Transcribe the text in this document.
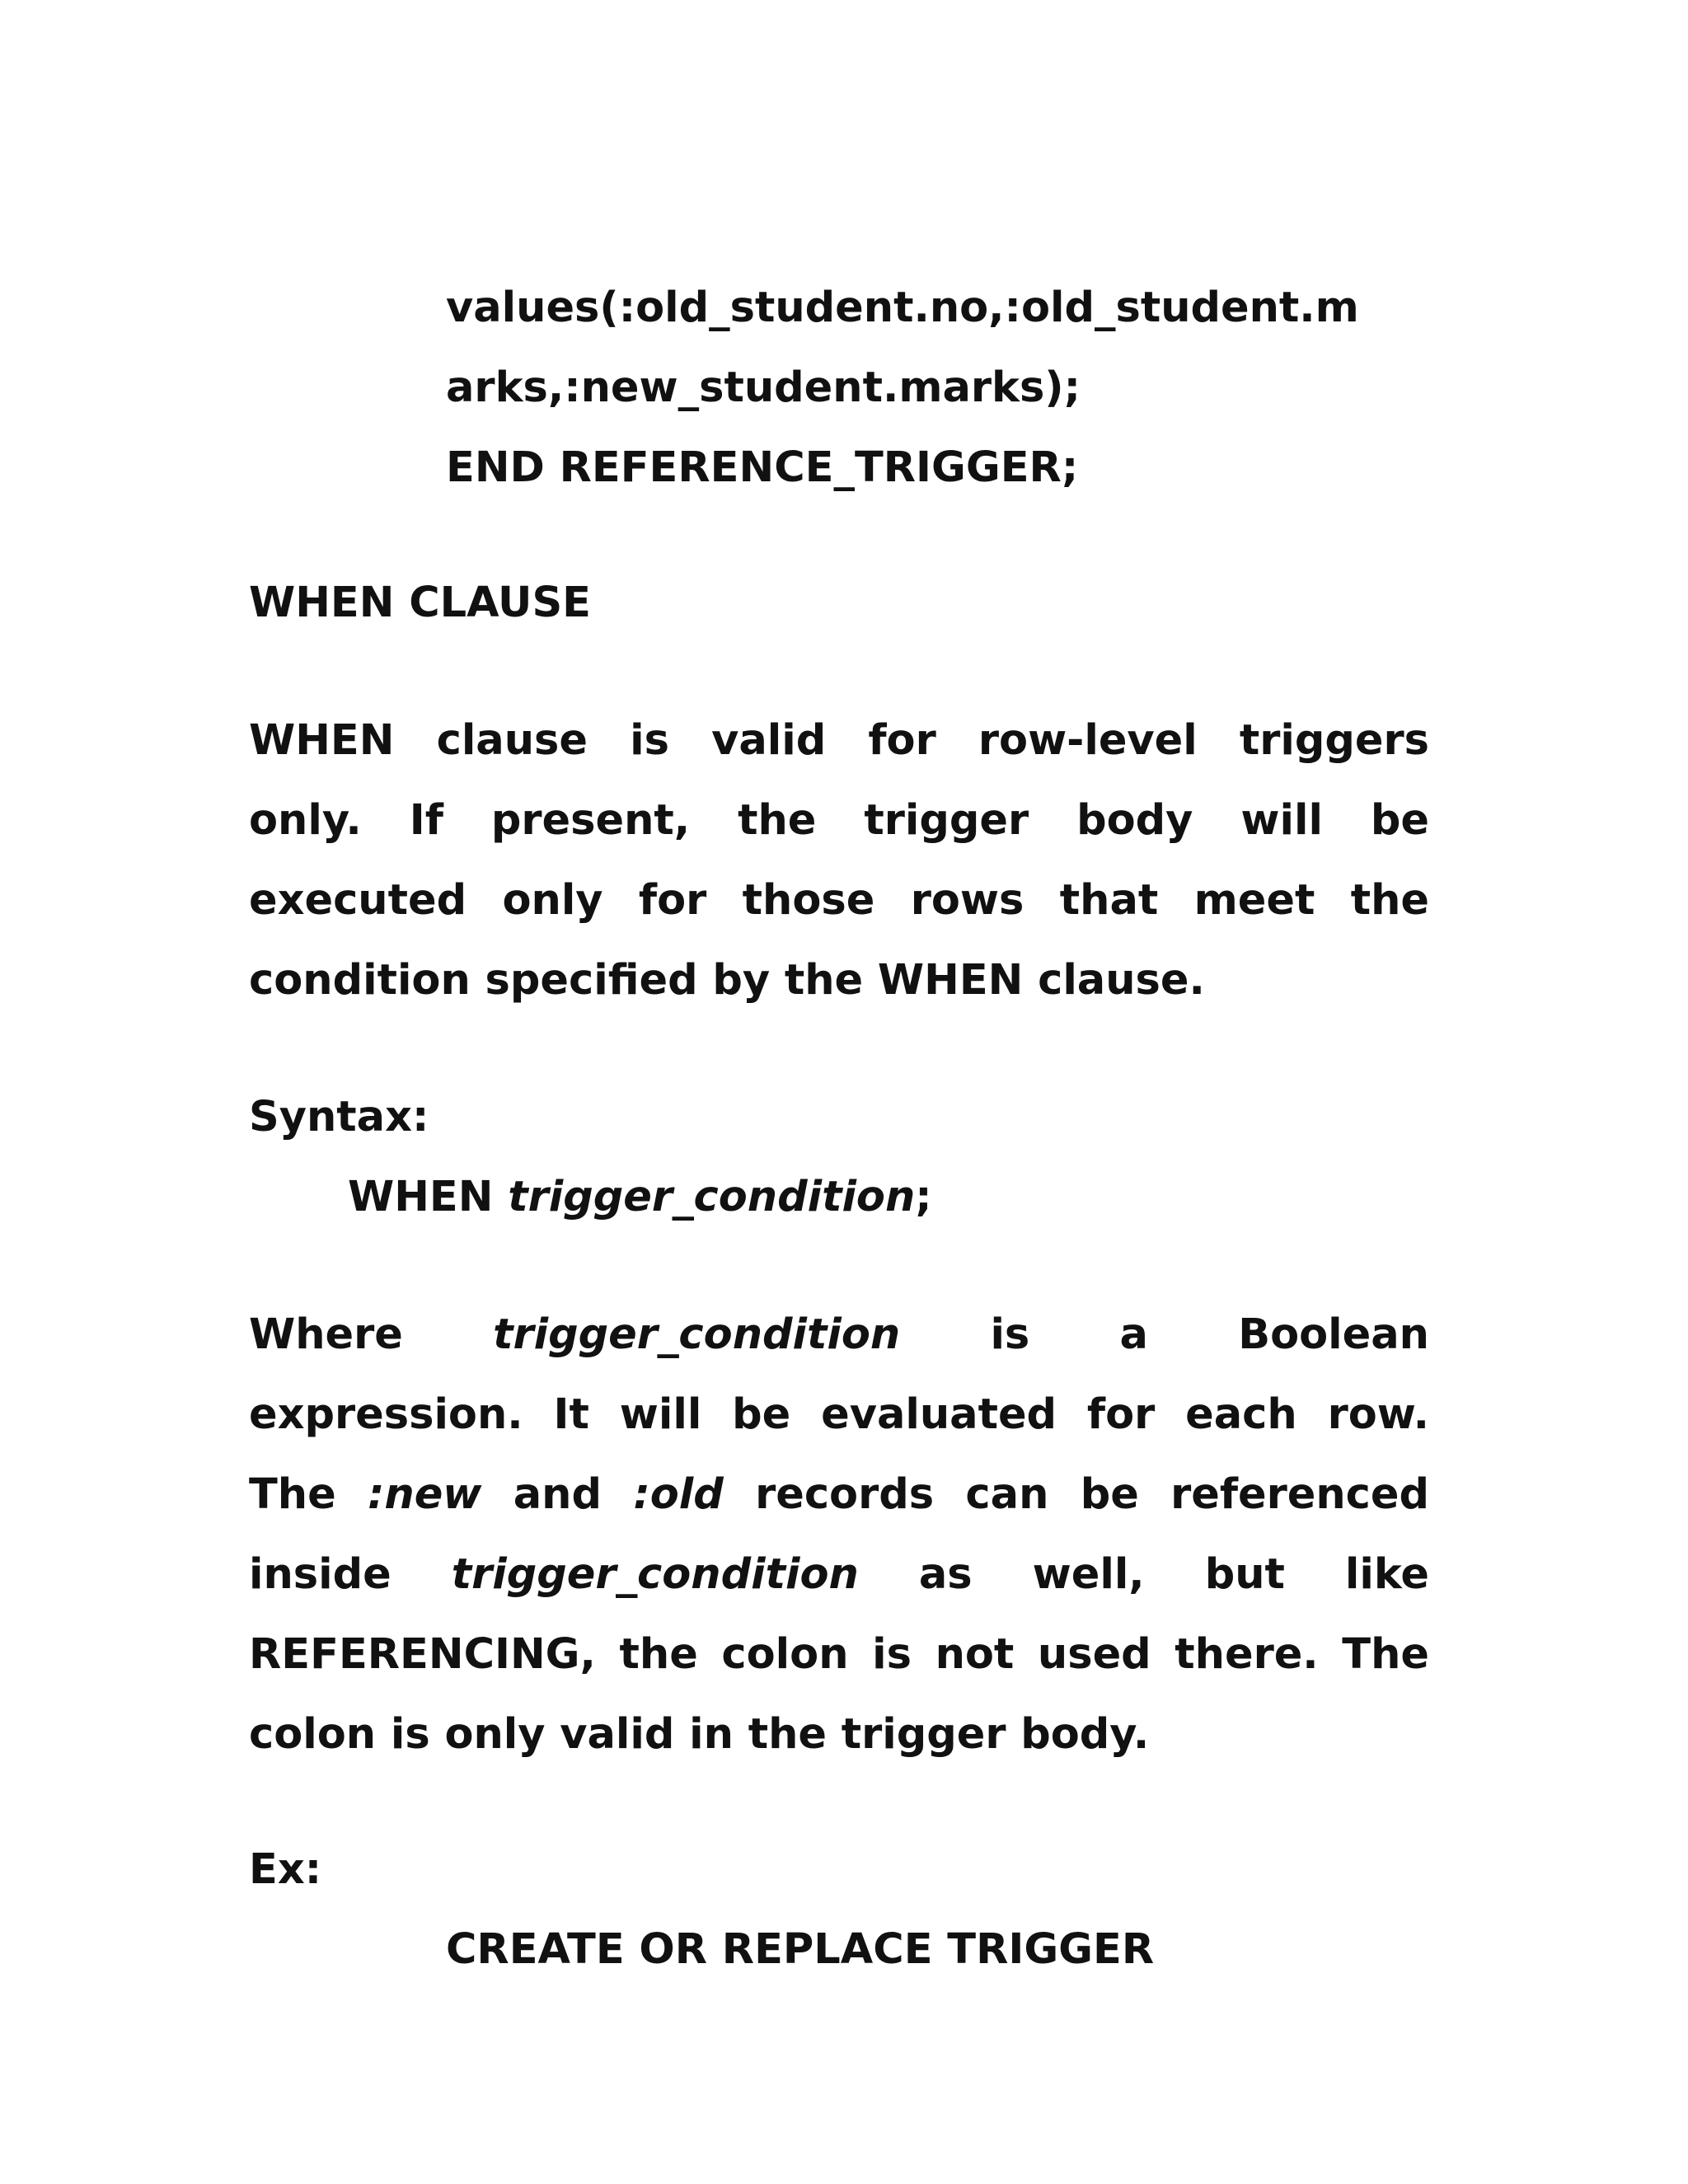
values(:old_student.no,:old_student.m

arks,:new_student.marks);

END REFERENCE_TRIGGER;

WHEN CLAUSE

WHEN clause is valid for row-level triggers

only. If present, the trigger body will be

executed only for those rows that meet the

condition specified by the WHEN clause.

Syntax:

WHEN trigger_condition;

Where trigger_condition is a Boolean

expression. It will be evaluated for each row.

The :new and :old records can be referenced

inside trigger_condition as well, but like

REFERENCING, the colon is not used there. The

colon is only valid in the trigger body.

Ex:

CREATE OR REPLACE TRIGGER
